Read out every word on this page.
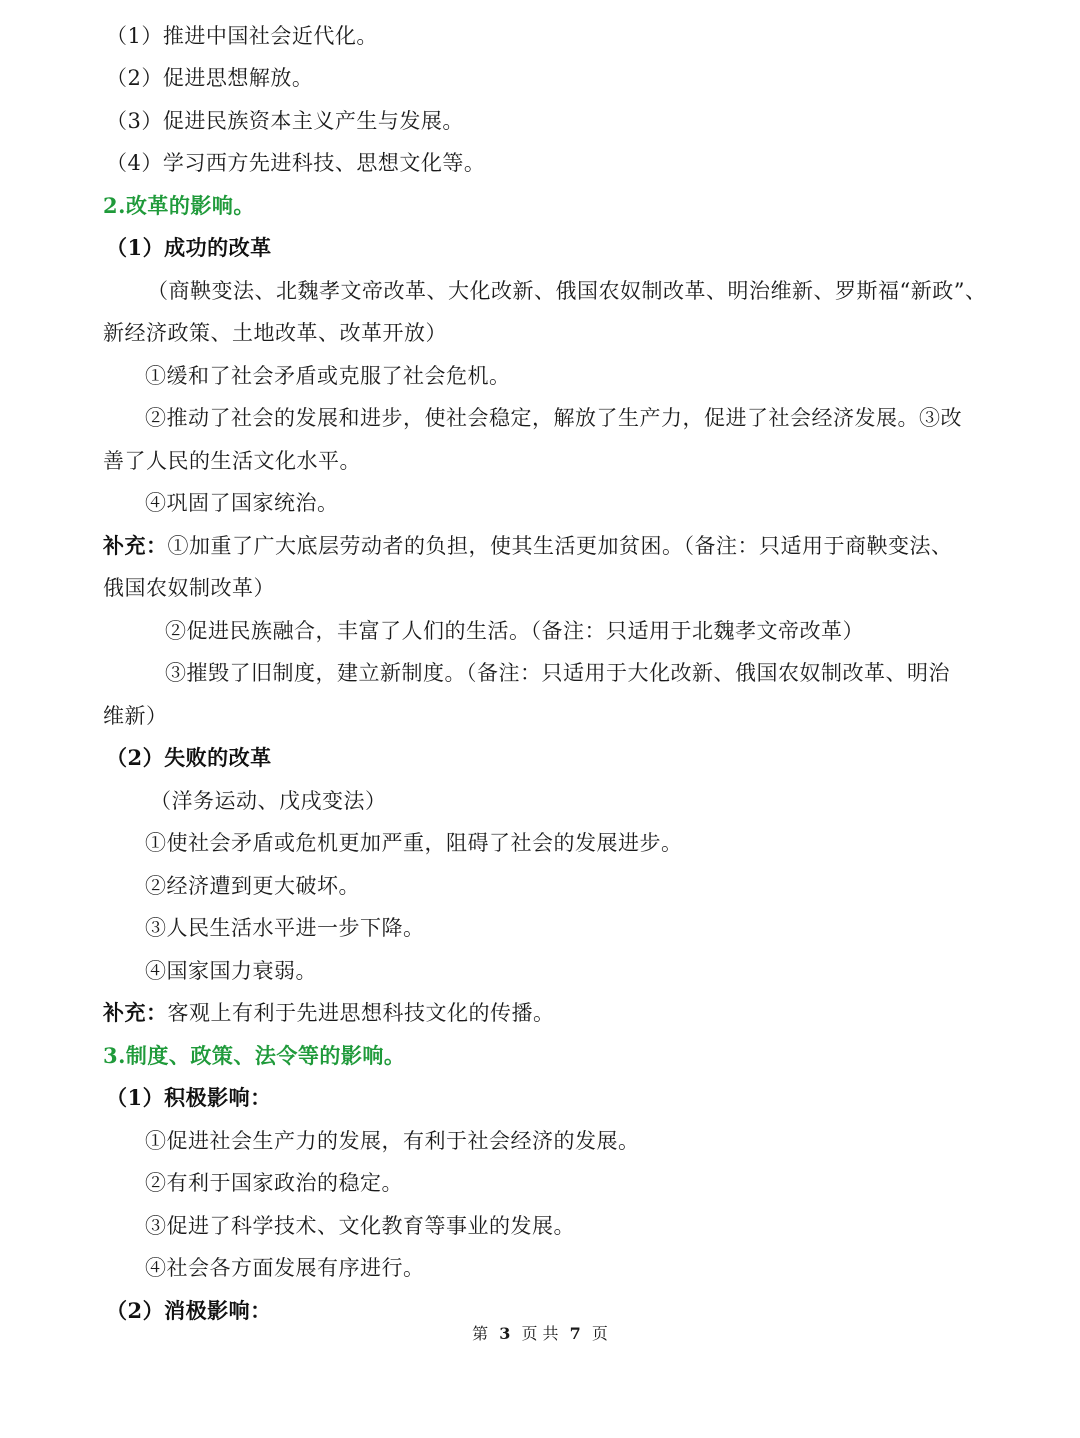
（1）推进中国社会近代化。
（2）促进思想解放。
（3）促进民族资本主义产生与发展。
（4）学习西方先进科技、思想文化等。
2.改革的影响。
（1）成功的改革
（商鞅变法、北魏孝文帝改革、大化改新、俄国农奴制改革、明治维新、罗斯福“新政”、
新经济政策、土地改革、改革开放）
①缓和了社会矛盾或克服了社会危机。
②推动了社会的发展和进步，使社会稳定，解放了生产力，促进了社会经济发展。③改
善了人民的生活文化水平。
④巩固了国家统治。
补充：①加重了广大底层劳动者的负担，使其生活更加贫困。（备注：只适用于商鞅变法、
俄国农奴制改革）
②促进民族融合，丰富了人们的生活。（备注：只适用于北魏孝文帝改革）
③摧毁了旧制度，建立新制度。（备注：只适用于大化改新、俄国农奴制改革、明治
维新）
（2）失败的改革
（洋务运动、戊戌变法）
①使社会矛盾或危机更加严重，阻碍了社会的发展进步。
②经济遭到更大破坏。
③人民生活水平进一步下降。
④国家国力衰弱。
补充：客观上有利于先进思想科技文化的传播。
3.制度、政策、法令等的影响。
（1）积极影响：
①促进社会生产力的发展，有利于社会经济的发展。
②有利于国家政治的稳定。
③促进了科学技术、文化教育等事业的发展。
④社会各方面发展有序进行。
（2）消极影响：
第 3 页 共 7 页
